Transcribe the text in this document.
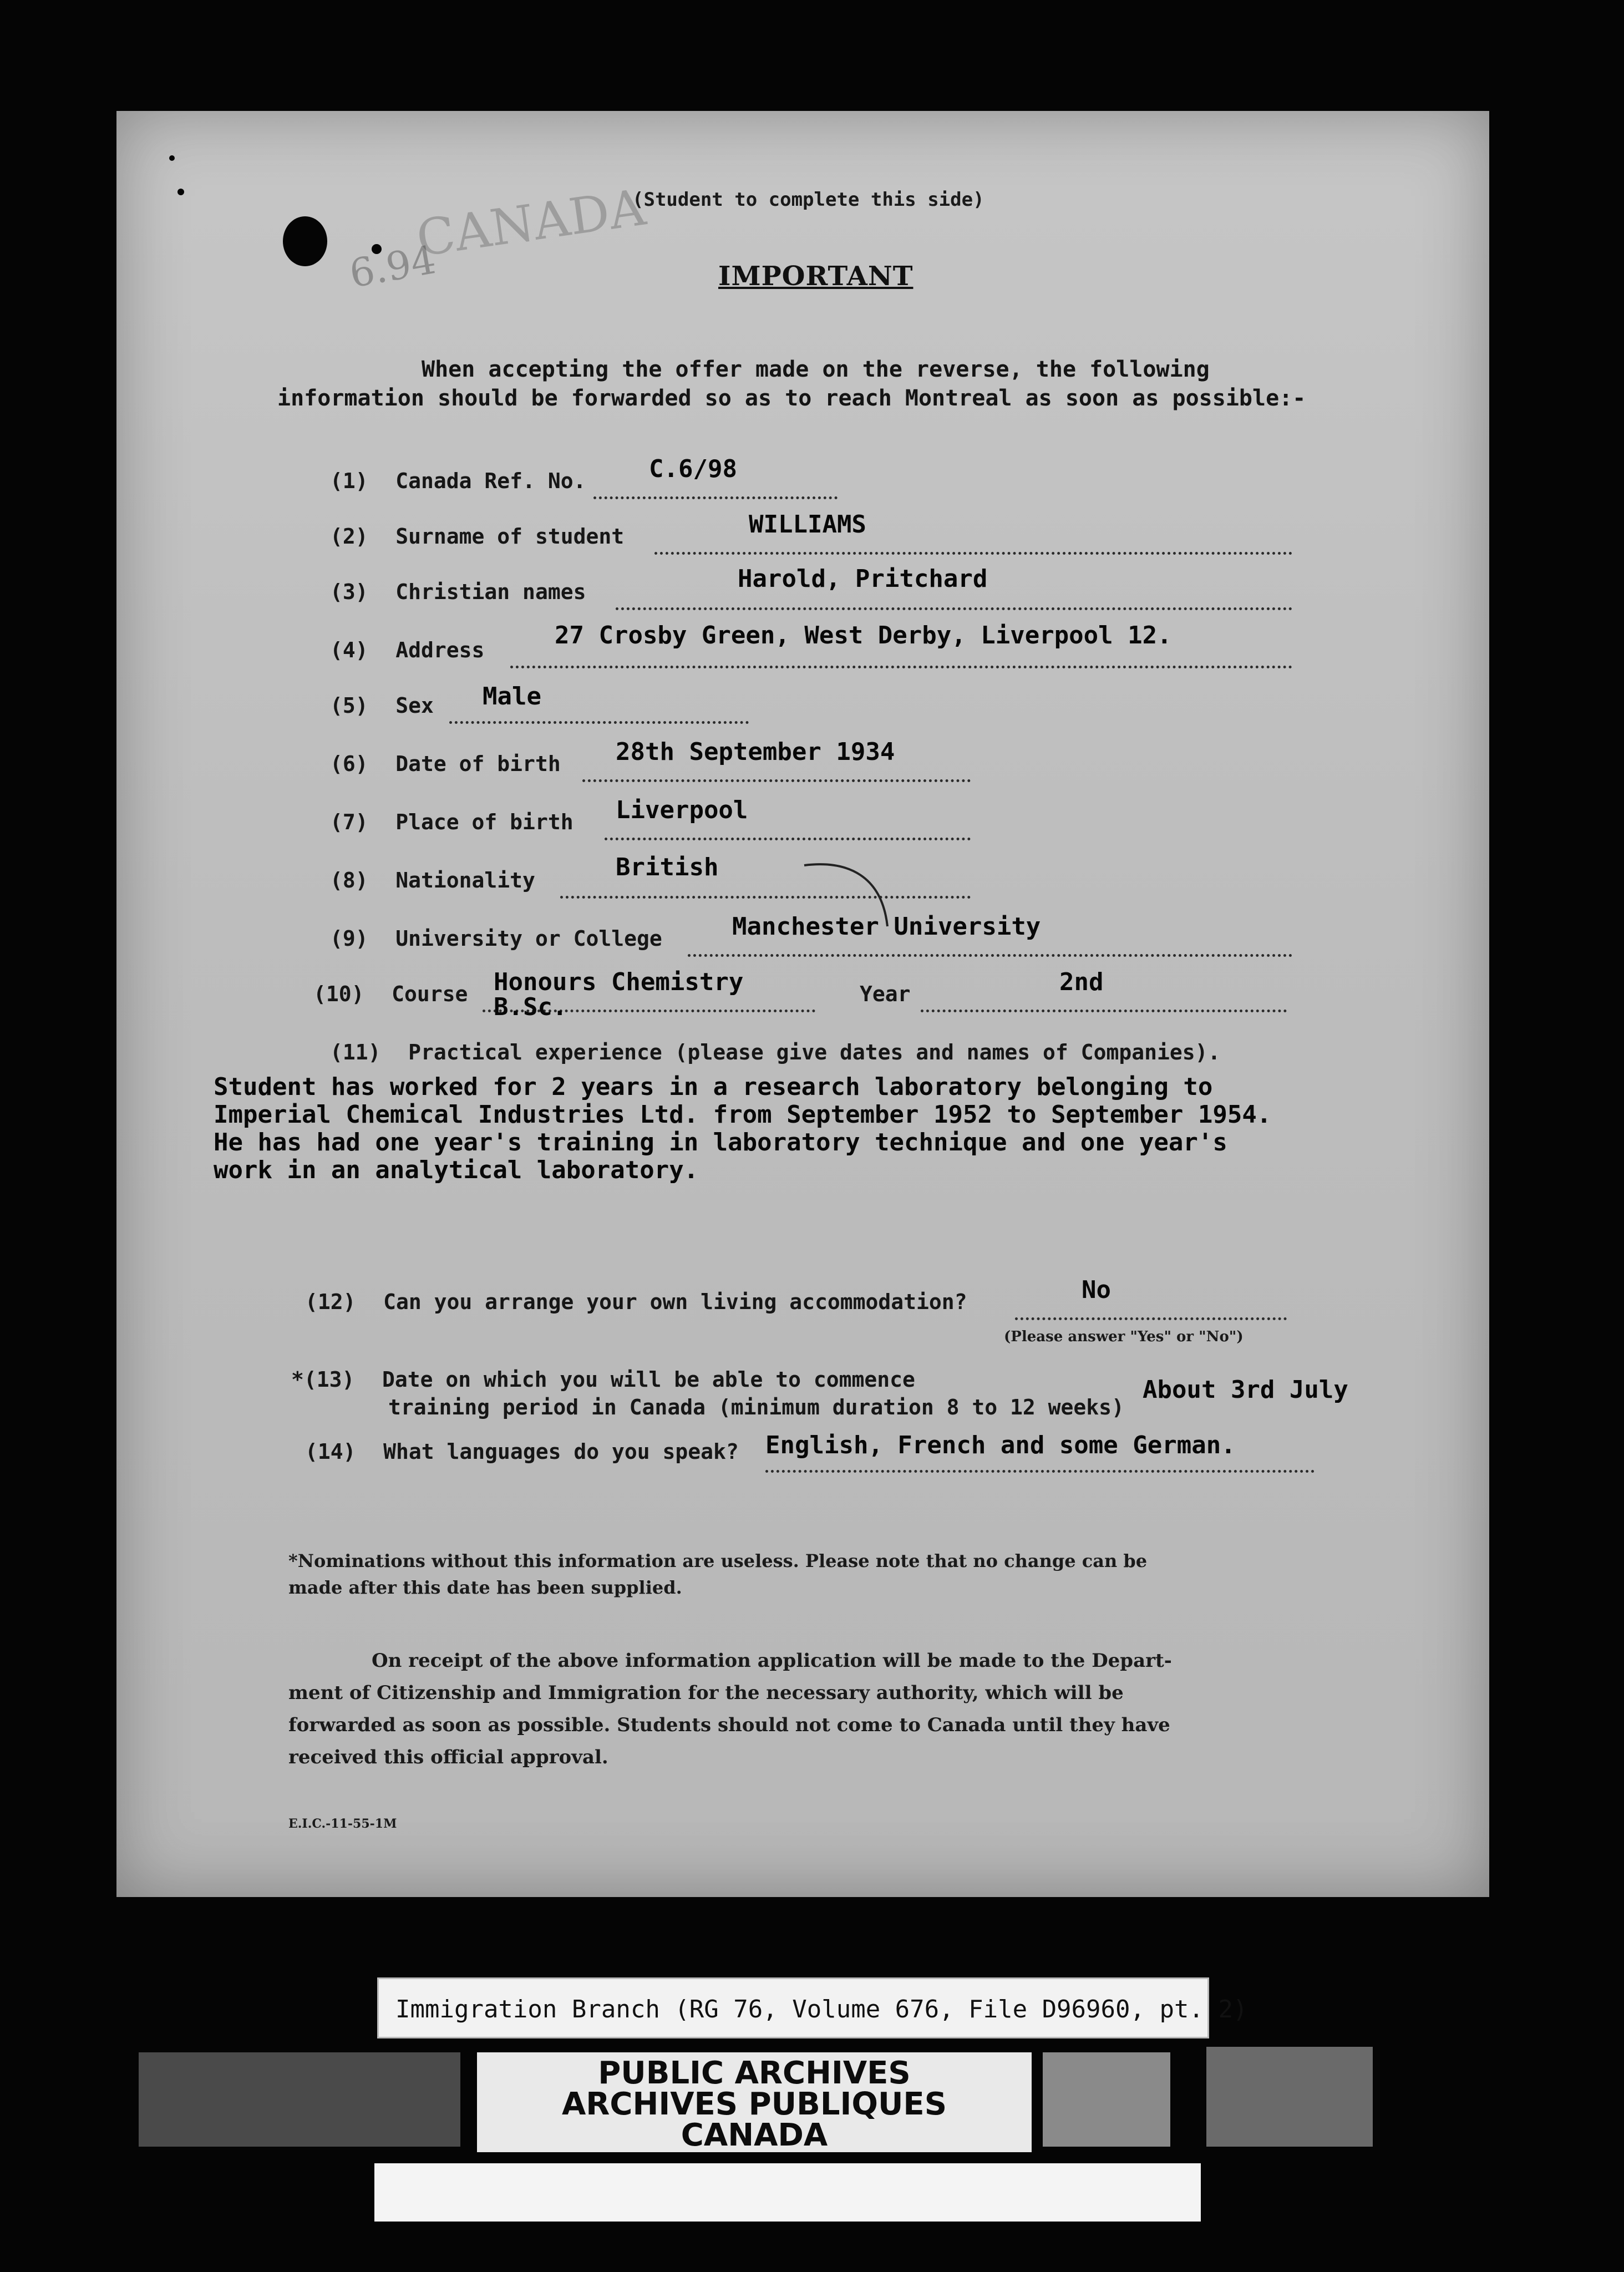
CANADA
6.94
(Student to complete this side)
IMPORTANT
When accepting the offer made on the reverse, the following information should be forwarded so as to reach Montreal as soon as possible:-
(1) Canada Ref. No.	C.6/98
(2) Surname of student	WILLIAMS
(3) Christian names	Harold, Pritchard
(4) Address
27 Crosby Green, West Derby, Liverpool 12.
(5) Sex Male
(6) Date of birth 28th September 1934
(7) Place of birth Liverpool
(8) Nationality	British
(9) University or College	Manchester University
(10) Course Honours Chemistry
B.Sc.	Year	2nd
(11) Practical experience (please give dates and names of Companies).
Student has worked for 2 years in a research laboratory belonging to
Imperial Chemical Industries Ltd. from September 1952 to September 1954.
He has had one year's training in laboratory technique and one year's
work in an analytical laboratory.
(12) Can you arrange your own living accommodation?	No
(Please answer "Yes" or "No")
*(13) Date on which you will be able to commence
training period in Canada (minimum duration 8 to 12 weeks)
About 3rd July
(14) What languages do you speak? English, French and some German.
*Nominations without this information are useless. Please note that no change can be
made after this date has been supplied.
On receipt of the above information application will be made to the Depart-
ment of Citizenship and Immigration for the necessary authority, which will be
forwarded as soon as possible. Students should not come to Canada until they have
received this official approval.
E.I.C.-11-55-1M
Immigration Branch (RG 76, Volume 676, File D96960, pt. 2)
PUBLIC ARCHIVES
ARCHIVES PUBLIQUES
CANADA
